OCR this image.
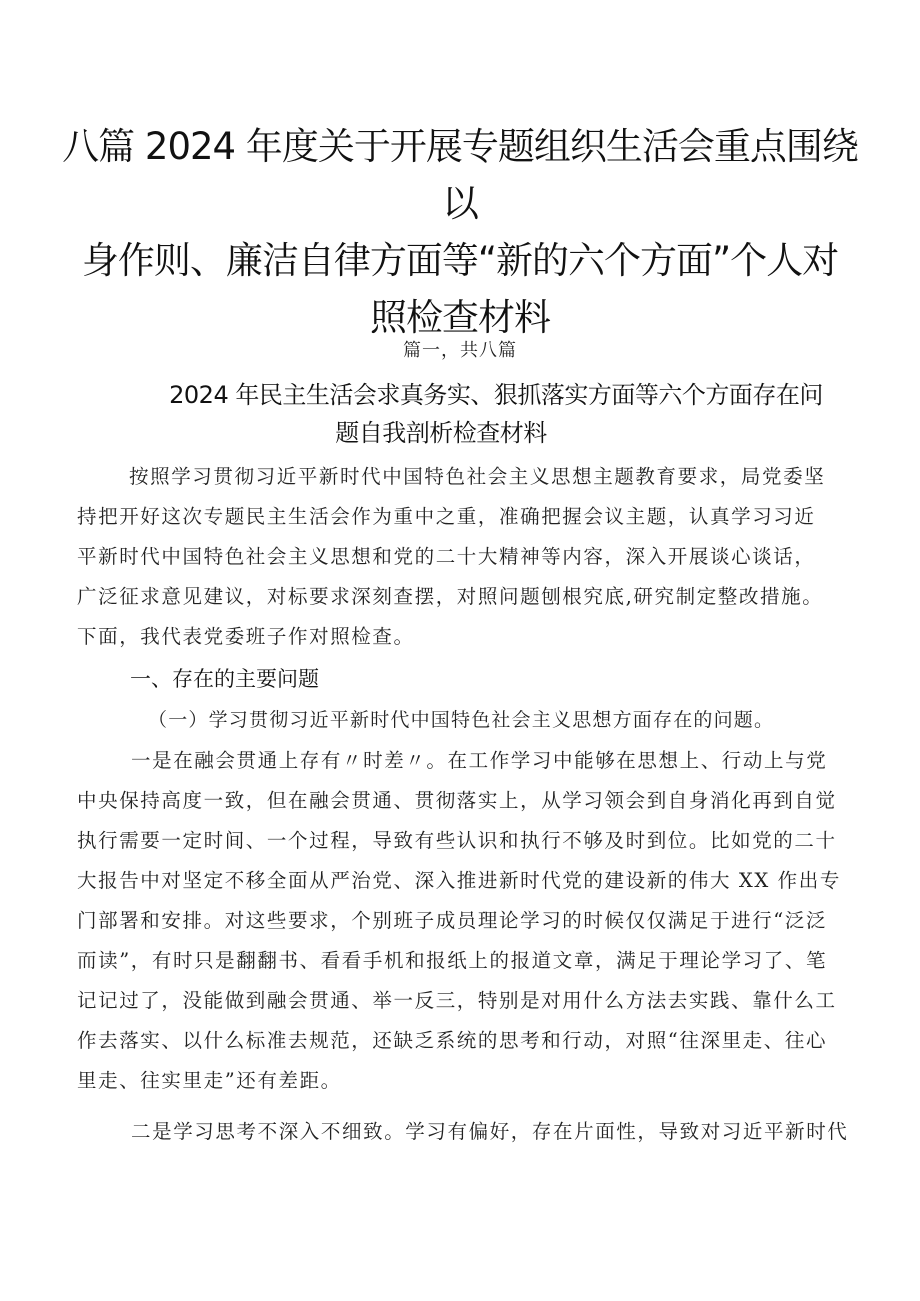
八篇 2024 年度关于开展专题组织生活会重点围绕以
身作则、廉洁自律方面等“新的六个方面”个人对
照检查材料
篇一，共八篇
2024 年民主生活会求真务实、狠抓落实方面等六个方面存在问
题自我剖析检查材料
按照学习贯彻习近平新时代中国特色社会主义思想主题教育要求，局党委坚
持把开好这次专题民主生活会作为重中之重，准确把握会议主题，认真学习习近
平新时代中国特色社会主义思想和党的二十大精神等内容，深入开展谈心谈话，
广泛征求意见建议，对标要求深刻查摆，对照问题刨根究底,研究制定整改措施。
下面，我代表党委班子作对照检查。
一、存在的主要问题
（一）学习贯彻习近平新时代中国特色社会主义思想方面存在的问题。
一是在融会贯通上存有〃时差〃。在工作学习中能够在思想上、行动上与党
中央保持高度一致，但在融会贯通、贯彻落实上，从学习领会到自身消化再到自觉
执行需要一定时间、一个过程，导致有些认识和执行不够及时到位。比如党的二十
大报告中对坚定不移全面从严治党、深入推进新时代党的建设新的伟大 XX 作出专
门部署和安排。对这些要求，个别班子成员理论学习的时候仅仅满足于进行“泛泛
而读”，有时只是翻翻书、看看手机和报纸上的报道文章，满足于理论学习了、笔
记记过了，没能做到融会贯通、举一反三，特别是对用什么方法去实践、靠什么工
作去落实、以什么标准去规范，还缺乏系统的思考和行动，对照“往深里走、往心
里走、往实里走”还有差距。
二是学习思考不深入不细致。学习有偏好，存在片面性，导致对习近平新时代
